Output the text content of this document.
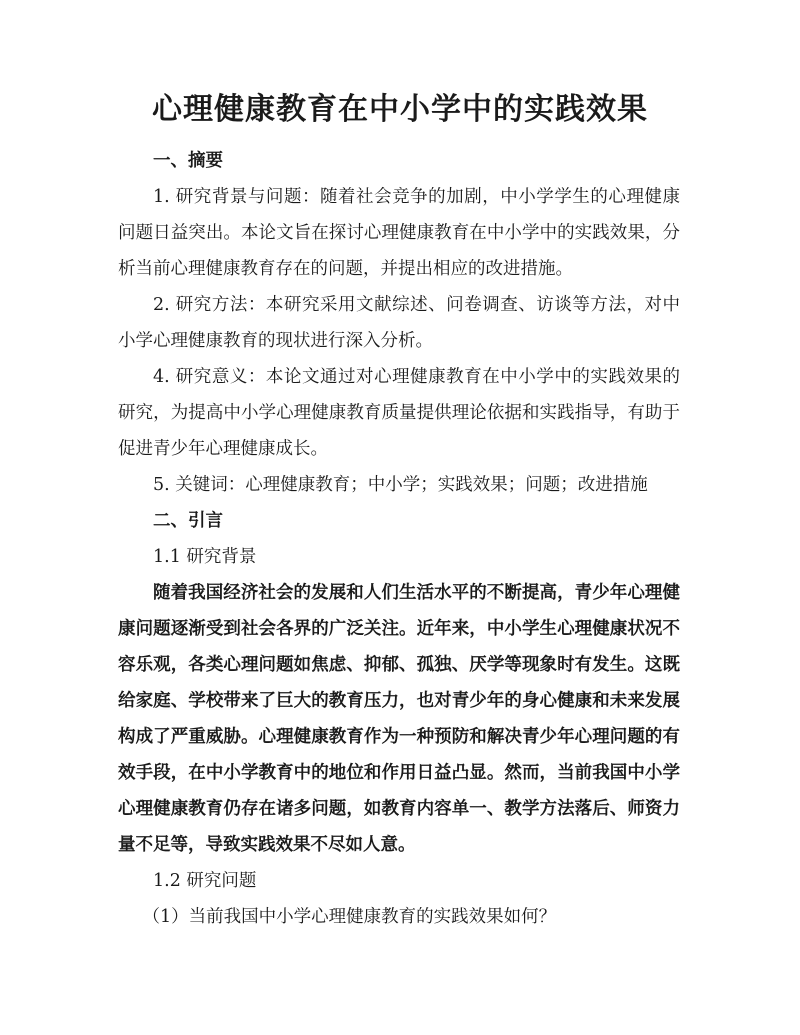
心理健康教育在中小学中的实践效果

一、摘要

1. 研究背景与问题：随着社会竞争的加剧，中小学学生的心理健康问题日益突出。本论文旨在探讨心理健康教育在中小学中的实践效果，分析当前心理健康教育存在的问题，并提出相应的改进措施。

2. 研究方法：本研究采用文献综述、问卷调查、访谈等方法，对中小学心理健康教育的现状进行深入分析。

4. 研究意义：本论文通过对心理健康教育在中小学中的实践效果的研究，为提高中小学心理健康教育质量提供理论依据和实践指导，有助于促进青少年心理健康成长。

5. 关键词：心理健康教育；中小学；实践效果；问题；改进措施

二、引言

1.1 研究背景

随着我国经济社会的发展和人们生活水平的不断提高，青少年心理健康问题逐渐受到社会各界的广泛关注。近年来，中小学生心理健康状况不容乐观，各类心理问题如焦虑、抑郁、孤独、厌学等现象时有发生。这既给家庭、学校带来了巨大的教育压力，也对青少年的身心健康和未来发展构成了严重威胁。心理健康教育作为一种预防和解决青少年心理问题的有效手段，在中小学教育中的地位和作用日益凸显。然而，当前我国中小学心理健康教育仍存在诸多问题，如教育内容单一、教学方法落后、师资力量不足等，导致实践效果不尽如人意。

1.2 研究问题

（1）当前我国中小学心理健康教育的实践效果如何？
